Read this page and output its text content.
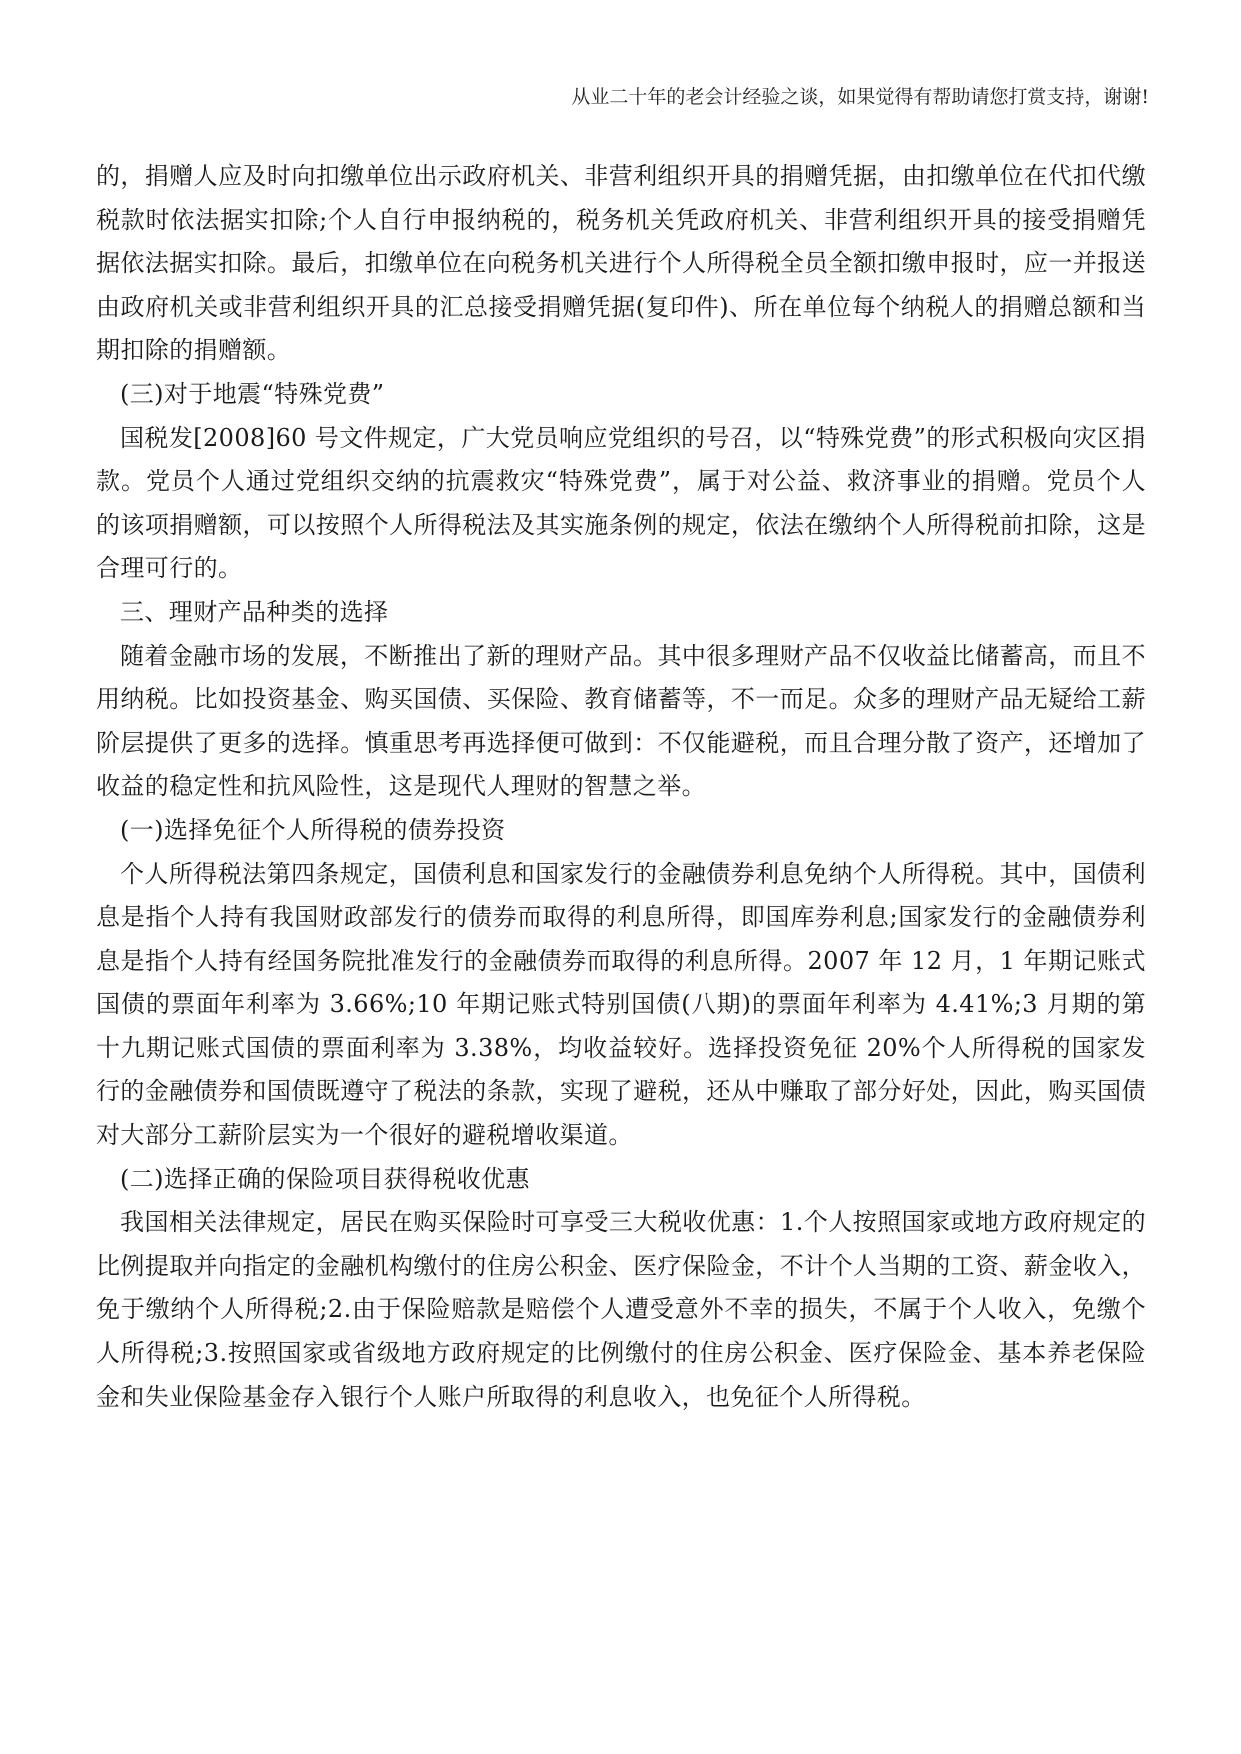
从业二十年的老会计经验之谈，如果觉得有帮助请您打赏支持，谢谢!

的，捐赠人应及时向扣缴单位出示政府机关、非营利组织开具的捐赠凭据，由扣缴单位在代扣代缴税款时依法据实扣除;个人自行申报纳税的，税务机关凭政府机关、非营利组织开具的接受捐赠凭据依法据实扣除。最后，扣缴单位在向税务机关进行个人所得税全员全额扣缴申报时，应一并报送由政府机关或非营利组织开具的汇总接受捐赠凭据(复印件)、所在单位每个纳税人的捐赠总额和当期扣除的捐赠额。

(三)对于地震“特殊党费”

国税发[2008]60 号文件规定，广大党员响应党组织的号召，以“特殊党费”的形式积极向灾区捐款。党员个人通过党组织交纳的抗震救灾“特殊党费”，属于对公益、救济事业的捐赠。党员个人的该项捐赠额，可以按照个人所得税法及其实施条例的规定，依法在缴纳个人所得税前扣除，这是合理可行的。

三、理财产品种类的选择

随着金融市场的发展，不断推出了新的理财产品。其中很多理财产品不仅收益比储蓄高，而且不用纳税。比如投资基金、购买国债、买保险、教育储蓄等，不一而足。众多的理财产品无疑给工薪阶层提供了更多的选择。慎重思考再选择便可做到：不仅能避税，而且合理分散了资产，还增加了收益的稳定性和抗风险性，这是现代人理财的智慧之举。

(一)选择免征个人所得税的债券投资

个人所得税法第四条规定，国债利息和国家发行的金融债券利息免纳个人所得税。其中，国债利息是指个人持有我国财政部发行的债券而取得的利息所得，即国库券利息;国家发行的金融债券利息是指个人持有经国务院批准发行的金融债券而取得的利息所得。2007 年 12 月，1 年期记账式国债的票面年利率为 3.66%;10 年期记账式特别国债(八期)的票面年利率为 4.41%;3 月期的第十九期记账式国债的票面利率为 3.38%，均收益较好。选择投资免征 20%个人所得税的国家发行的金融债券和国债既遵守了税法的条款，实现了避税，还从中赚取了部分好处，因此，购买国债对大部分工薪阶层实为一个很好的避税增收渠道。

(二)选择正确的保险项目获得税收优惠

我国相关法律规定，居民在购买保险时可享受三大税收优惠：1.个人按照国家或地方政府规定的比例提取并向指定的金融机构缴付的住房公积金、医疗保险金，不计个人当期的工资、薪金收入，免于缴纳个人所得税;2.由于保险赔款是赔偿个人遭受意外不幸的损失，不属于个人收入，免缴个人所得税;3.按照国家或省级地方政府规定的比例缴付的住房公积金、医疗保险金、基本养老保险金和失业保险基金存入银行个人账户所取得的利息收入，也免征个人所得税。
